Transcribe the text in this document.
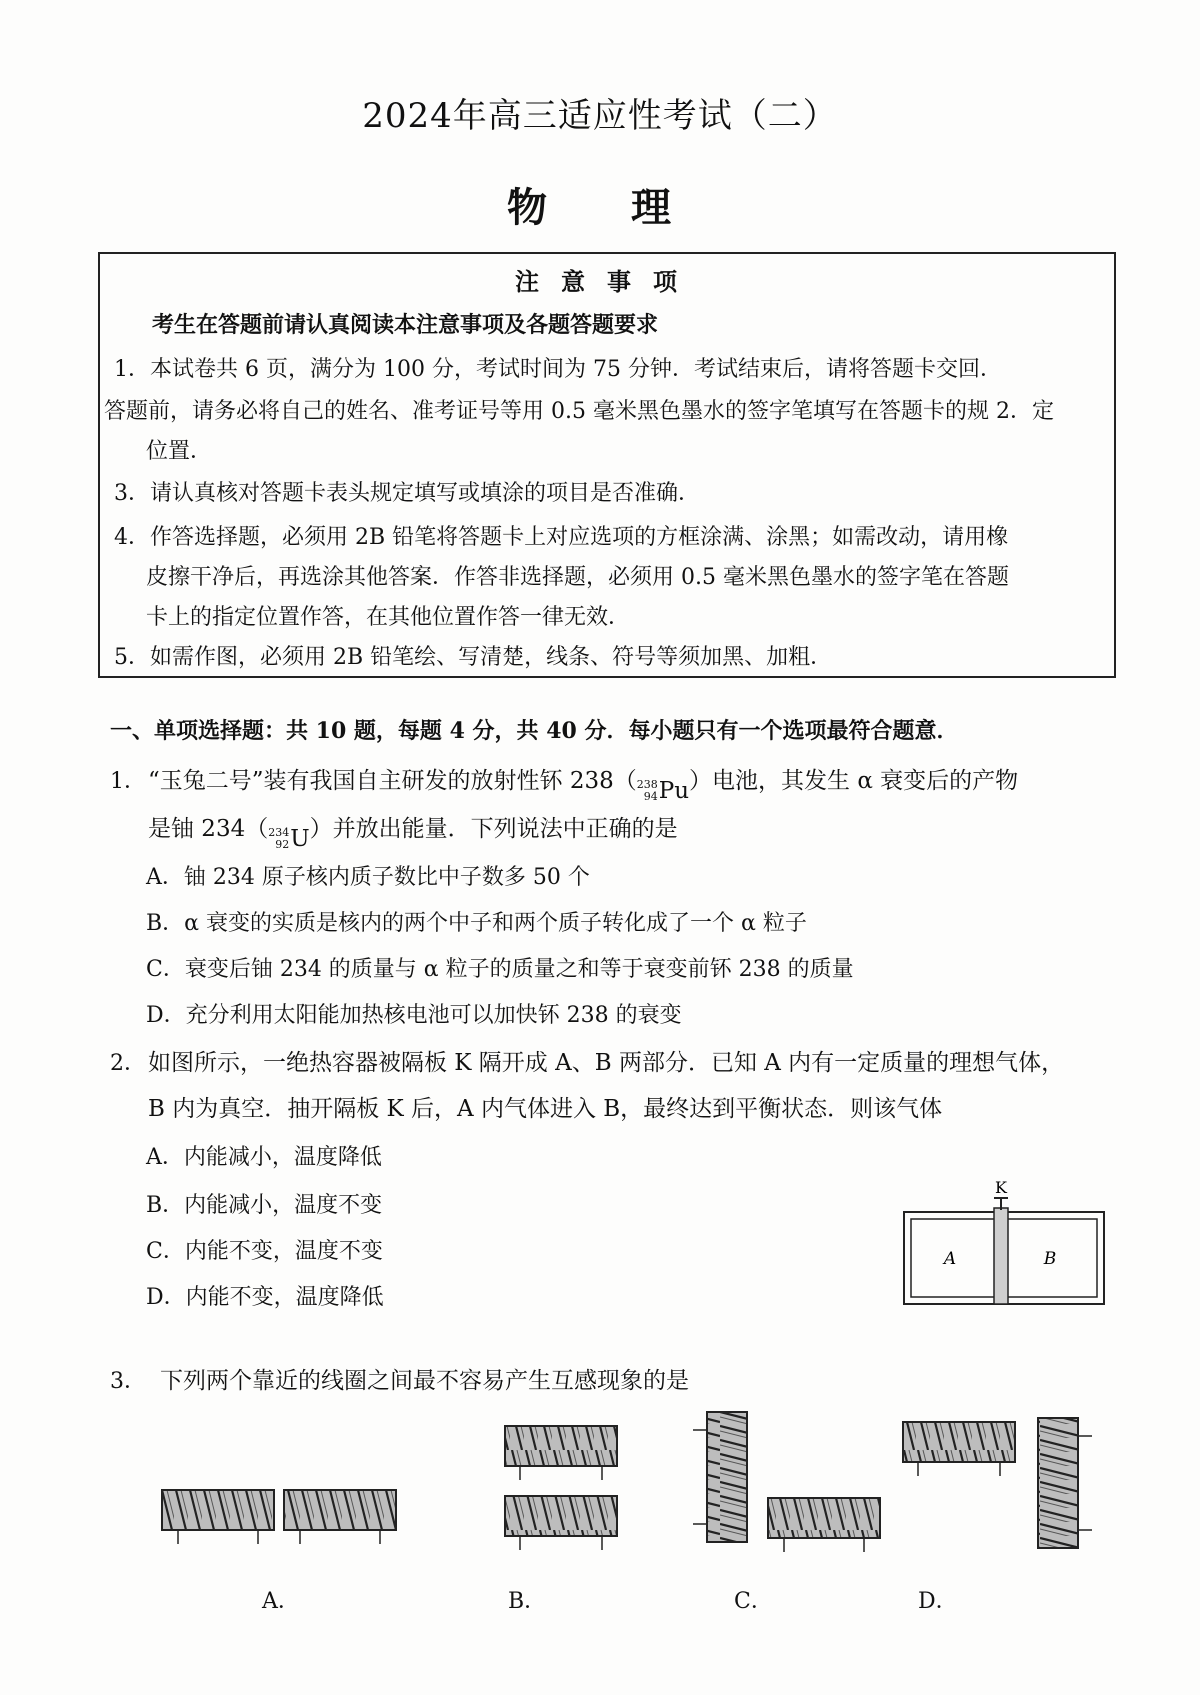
2024年高三适应性考试（二）
物　理
注意事项
考生在答题前请认真阅读本注意事项及各题答题要求
1．本试卷共 6 页，满分为 100 分，考试时间为 75 分钟．考试结束后，请将答题卡交回．
答题前，请务必将自己的姓名、准考证号等用 0.5 毫米黑色墨水的签字笔填写在答题卡的规 2．定
位置．
3．请认真核对答题卡表头规定填写或填涂的项目是否准确．
4．作答选择题，必须用 2B 铅笔将答题卡上对应选项的方框涂满、涂黑；如需改动，请用橡
皮擦干净后，再选涂其他答案．作答非选择题，必须用 0.5 毫米黑色墨水的签字笔在答题
卡上的指定位置作答，在其他位置作答一律无效．
5．如需作图，必须用 2B 铅笔绘、写清楚，线条、符号等须加黑、加粗．
一、单项选择题：共 10 题，每题 4 分，共 40 分．每小题只有一个选项最符合题意．
1． “玉兔二号”装有我国自主研发的放射性钚 238（ 238
94 Pu ）电池，其发生 α 衰变后的产物
是铀 234（ 234
92 U ）并放出能量．下列说法中正确的是
A．铀 234 原子核内质子数比中子数多 50 个
B．α 衰变的实质是核内的两个中子和两个质子转化成了一个 α 粒子
C．衰变后铀 234 的质量与 α 粒子的质量之和等于衰变前钚 238 的质量
D．充分利用太阳能加热核电池可以加快钚 238 的衰变
2． 如图所示，一绝热容器被隔板 K 隔开成 A、B 两部分．已知 A 内有一定质量的理想气体，
B 内为真空．抽开隔板 K 后，A 内气体进入 B，最终达到平衡状态．则该气体
A．内能减小，温度降低
B．内能减小，温度不变
C．内能不变，温度不变
D．内能不变，温度降低
K
A	B
3． 下列两个靠近的线圈之间最不容易产生互感现象的是
A．	B．	C．	D．
